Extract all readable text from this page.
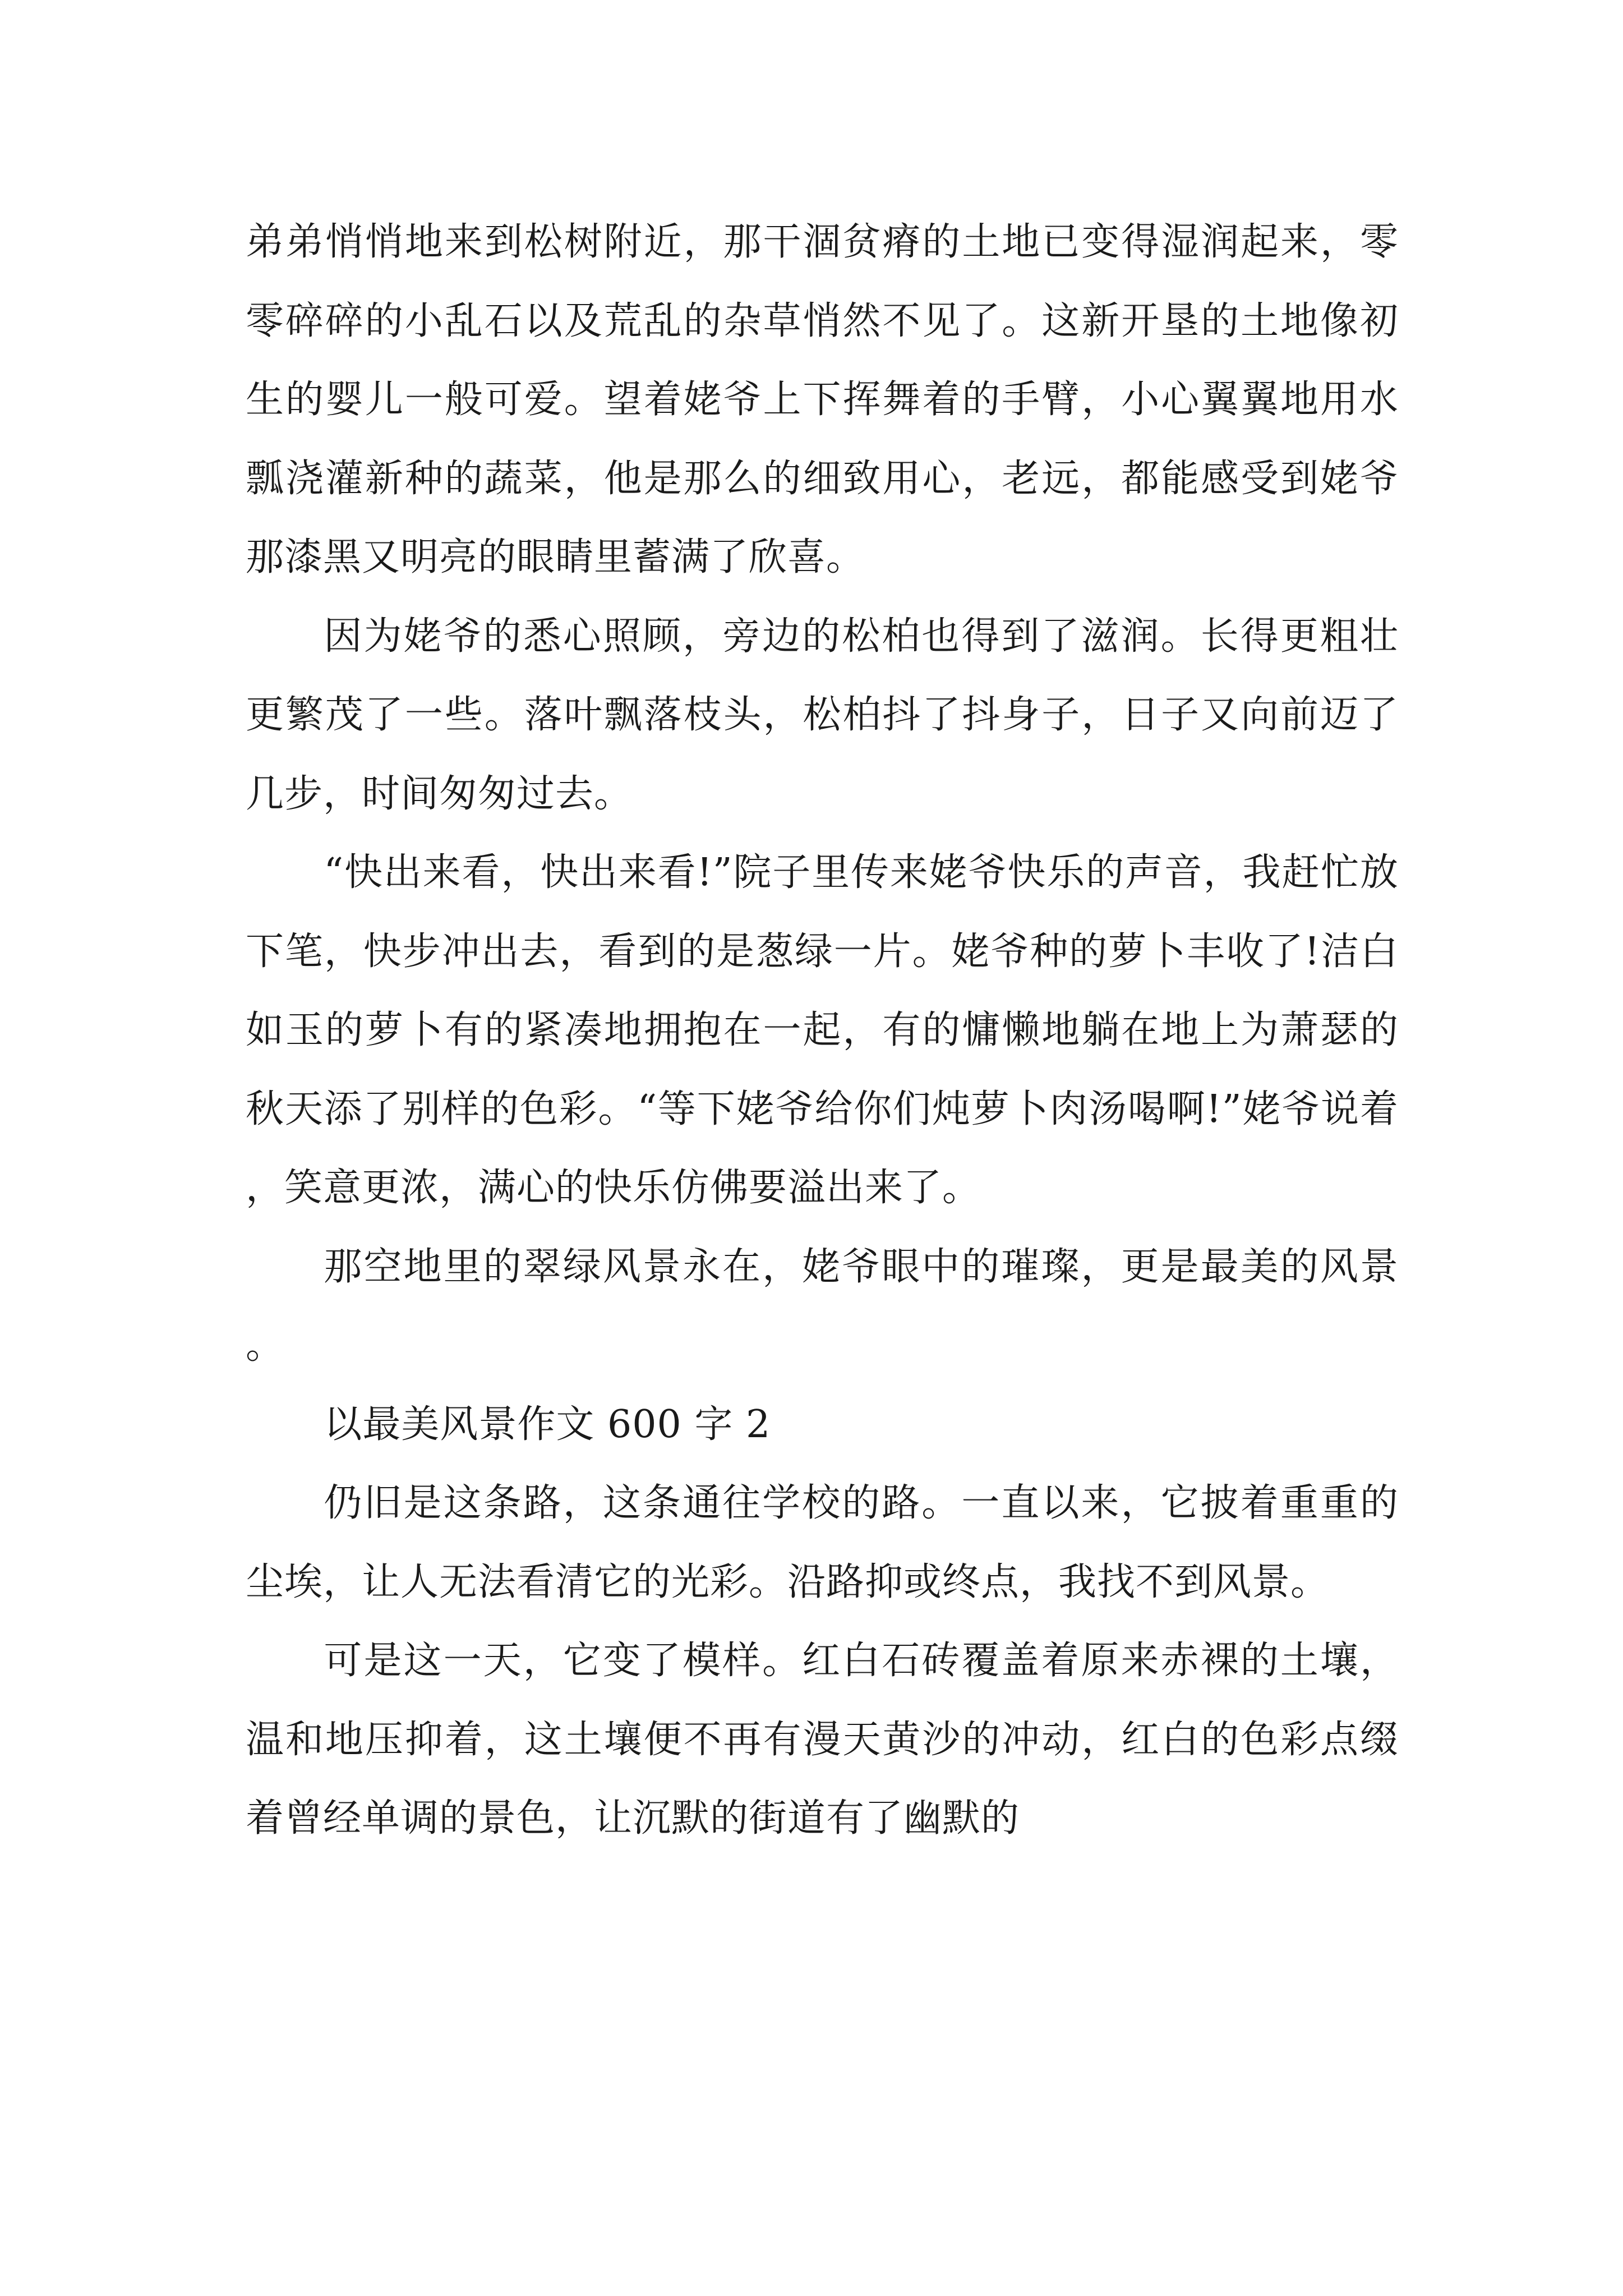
弟弟悄悄地来到松树附近，那干涸贫瘠的土地已变得湿润起来，零零碎碎的小乱石以及荒乱的杂草悄然不见了。这新开垦的土地像初生的婴儿一般可爱。望着姥爷上下挥舞着的手臂，小心翼翼地用水瓢浇灌新种的蔬菜，他是那么的细致用心，老远，都能感受到姥爷那漆黑又明亮的眼睛里蓄满了欣喜。

因为姥爷的悉心照顾，旁边的松柏也得到了滋润。长得更粗壮更繁茂了一些。落叶飘落枝头，松柏抖了抖身子，日子又向前迈了几步，时间匆匆过去。

“快出来看，快出来看!”院子里传来姥爷快乐的声音，我赶忙放下笔，快步冲出去，看到的是葱绿一片。姥爷种的萝卜丰收了!洁白如玉的萝卜有的紧凑地拥抱在一起，有的慵懒地躺在地上为萧瑟的秋天添了别样的色彩。“等下姥爷给你们炖萝卜肉汤喝啊!”姥爷说着，笑意更浓，满心的快乐仿佛要溢出来了。

那空地里的翠绿风景永在，姥爷眼中的璀璨，更是最美的风景。

以最美风景作文 600 字 2

仍旧是这条路，这条通往学校的路。一直以来，它披着重重的尘埃，让人无法看清它的光彩。沿路抑或终点，我找不到风景。

可是这一天，它变了模样。红白石砖覆盖着原来赤裸的土壤，温和地压抑着，这土壤便不再有漫天黄沙的冲动，红白的色彩点缀着曾经单调的景色，让沉默的街道有了幽默的
